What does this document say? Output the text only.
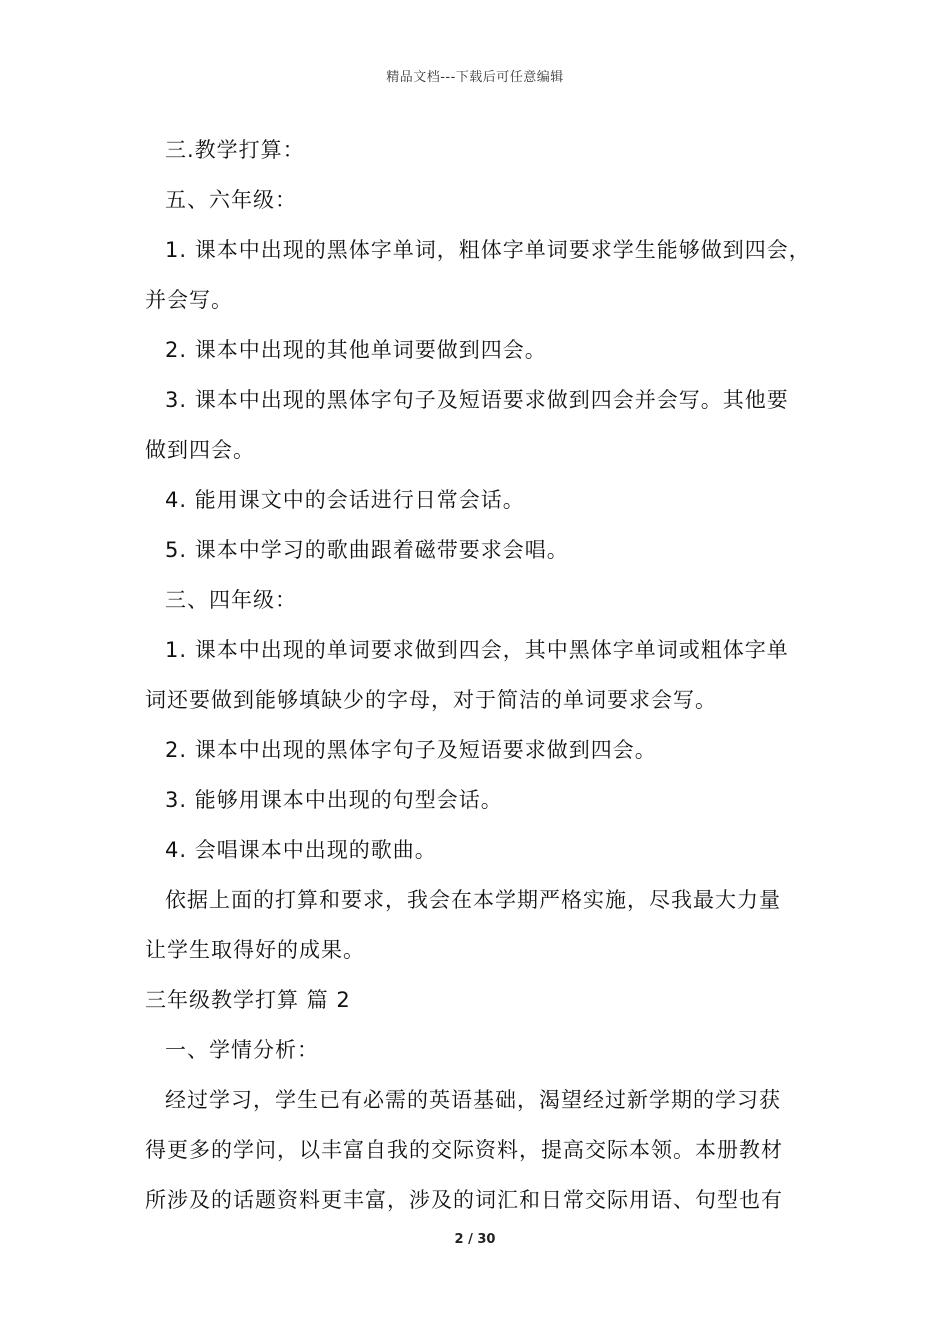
精品文档---下载后可任意编辑
三.教学打算：
五、六年级：
1. 课本中出现的黑体字单词，粗体字单词要求学生能够做到四会，
并会写。
2. 课本中出现的其他单词要做到四会。
3. 课本中出现的黑体字句子及短语要求做到四会并会写。其他要
做到四会。
4. 能用课文中的会话进行日常会话。
5. 课本中学习的歌曲跟着磁带要求会唱。
三、四年级：
1. 课本中出现的单词要求做到四会，其中黑体字单词或粗体字单
词还要做到能够填缺少的字母，对于简洁的单词要求会写。
2. 课本中出现的黑体字句子及短语要求做到四会。
3. 能够用课本中出现的句型会话。
4. 会唱课本中出现的歌曲。
依据上面的打算和要求，我会在本学期严格实施，尽我最大力量
让学生取得好的成果。
三年级教学打算 篇 2
一、学情分析：
经过学习，学生已有必需的英语基础，渴望经过新学期的学习获
得更多的学问，以丰富自我的交际资料，提高交际本领。本册教材
所涉及的话题资料更丰富，涉及的词汇和日常交际用语、句型也有
2 / 30
